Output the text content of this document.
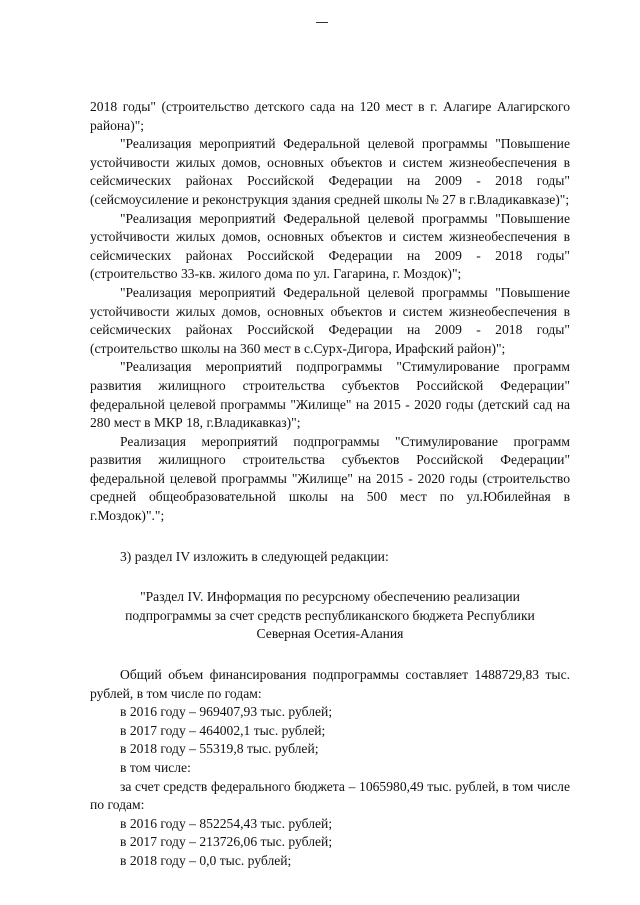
2018 годы" (строительство детского сада на 120 мест в г. Алагире Алагирского района)";

"Реализация мероприятий Федеральной целевой программы "Повышение устойчивости жилых домов, основных объектов и систем жизнеобеспечения в сейсмических районах Российской Федерации на 2009 - 2018 годы" (сейсмоусиление и реконструкция здания средней школы № 27 в г.Владикавказе)";

"Реализация мероприятий Федеральной целевой программы "Повышение устойчивости жилых домов, основных объектов и систем жизнеобеспечения в сейсмических районах Российской Федерации на 2009 - 2018 годы" (строительство 33-кв. жилого дома по ул. Гагарина, г. Моздок)";

"Реализация мероприятий Федеральной целевой программы "Повышение устойчивости жилых домов, основных объектов и систем жизнеобеспечения в сейсмических районах Российской Федерации на 2009 - 2018 годы" (строительство школы на 360 мест в с.Сурх-Дигора, Ирафский район)";

"Реализация мероприятий подпрограммы "Стимулирование программ развития жилищного строительства субъектов Российской Федерации" федеральной целевой программы "Жилище" на 2015 - 2020 годы (детский сад на 280 мест в МКР 18, г.Владикавказ)";

Реализация мероприятий подпрограммы "Стимулирование программ развития жилищного строительства субъектов Российской Федерации" федеральной целевой программы "Жилище" на 2015 - 2020 годы (строительство средней общеобразовательной школы на 500 мест по ул.Юбилейная в г.Моздок)".";

3) раздел IV изложить в следующей редакции:

"Раздел IV. Информация по ресурсному обеспечению реализации подпрограммы за счет средств республиканского бюджета Республики Северная Осетия-Алания

Общий объем финансирования подпрограммы составляет 1488729,83 тыс. рублей, в том числе по годам:

в 2016 году – 969407,93 тыс. рублей;

в 2017 году – 464002,1 тыс. рублей;

в 2018 году – 55319,8 тыс. рублей;

в том числе:

за счет средств федерального бюджета – 1065980,49 тыс. рублей, в том числе по годам:

в 2016 году – 852254,43 тыс. рублей;

в 2017 году – 213726,06 тыс. рублей;

в 2018 году – 0,0 тыс. рублей;
